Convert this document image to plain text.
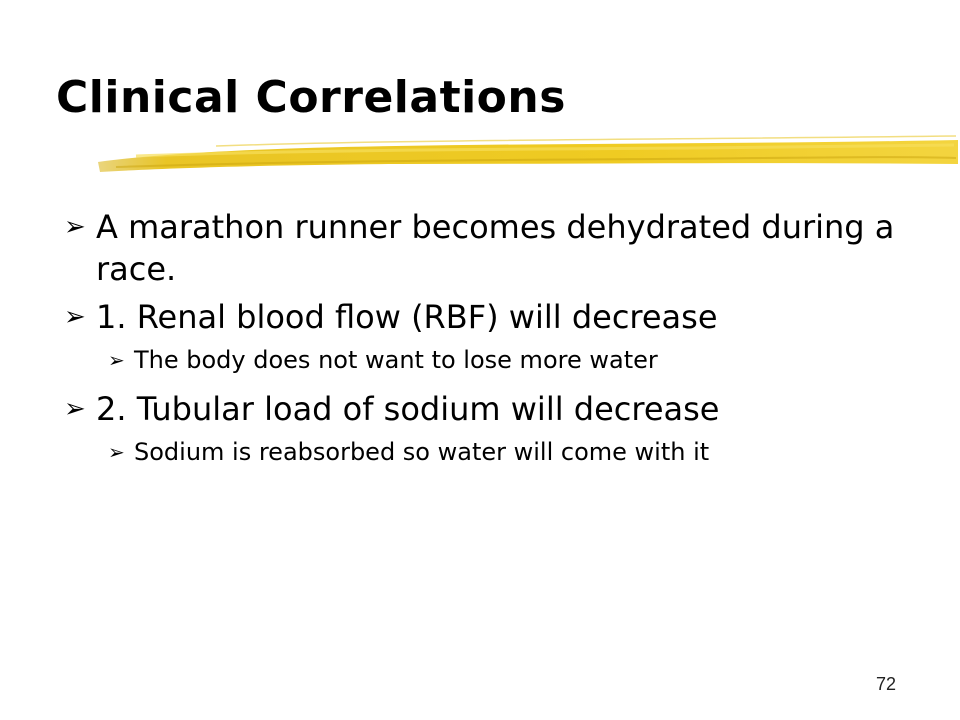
Clinical Correlations
➢ A marathon runner becomes dehydrated during a race.
➢ 1. Renal blood flow (RBF) will decrease
➢ The body does not want to lose more water
➢ 2. Tubular load of sodium will decrease
➢ Sodium is reabsorbed so water will come with it
72
